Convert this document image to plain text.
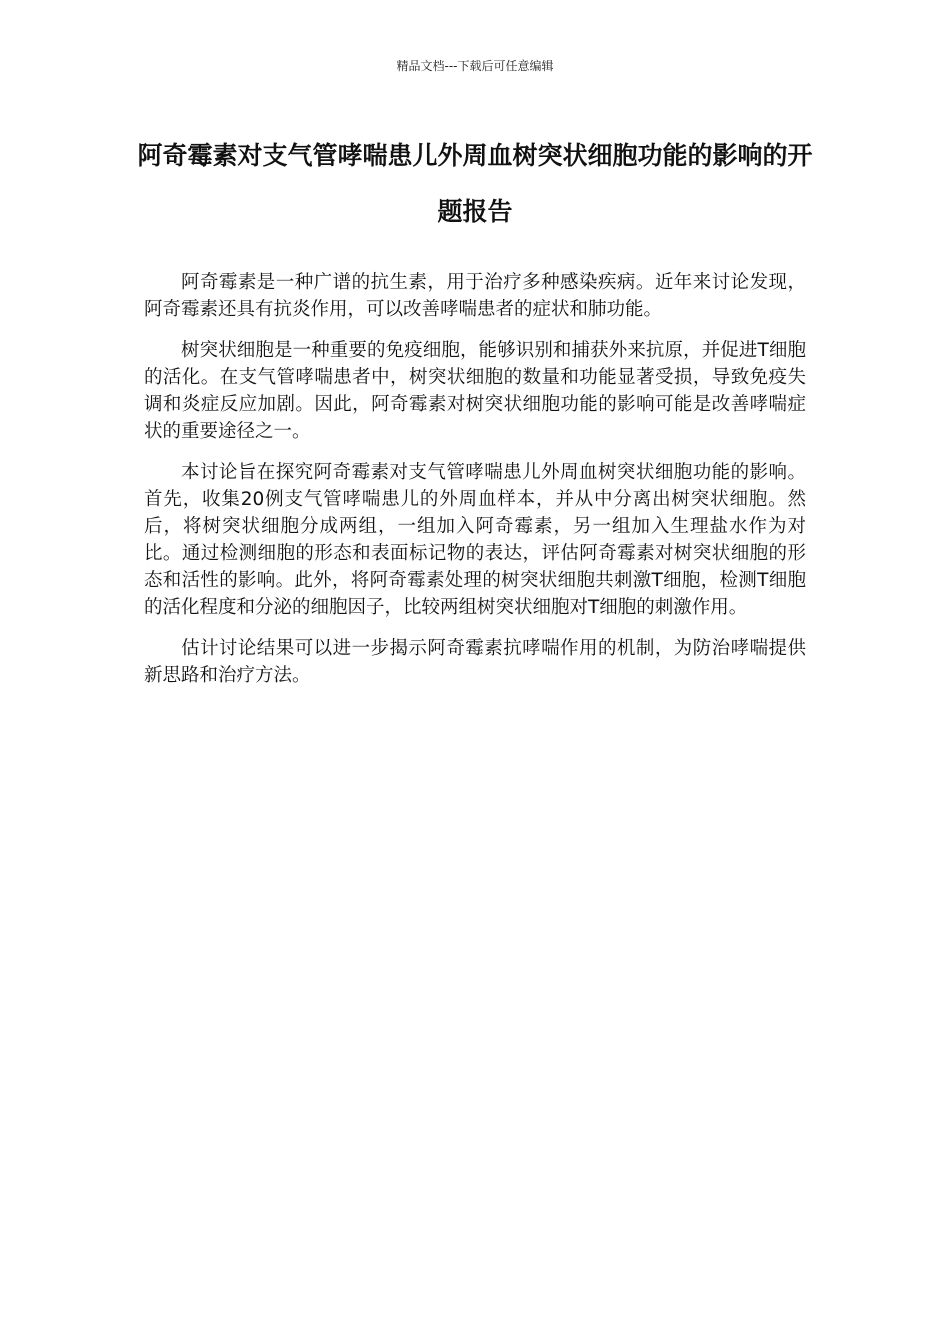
精品文档---下载后可任意编辑
阿奇霉素对支气管哮喘患儿外周血树突状细胞功能的影响的开题报告

阿奇霉素是一种广谱的抗生素，用于治疗多种感染疾病。近年来讨论发现，阿奇霉素还具有抗炎作用，可以改善哮喘患者的症状和肺功能。

树突状细胞是一种重要的免疫细胞，能够识别和捕获外来抗原，并促进T细胞的活化。在支气管哮喘患者中，树突状细胞的数量和功能显著受损，导致免疫失调和炎症反应加剧。因此，阿奇霉素对树突状细胞功能的影响可能是改善哮喘症状的重要途径之一。

本讨论旨在探究阿奇霉素对支气管哮喘患儿外周血树突状细胞功能的影响。首先，收集20例支气管哮喘患儿的外周血样本，并从中分离出树突状细胞。然后，将树突状细胞分成两组，一组加入阿奇霉素，另一组加入生理盐水作为对比。通过检测细胞的形态和表面标记物的表达，评估阿奇霉素对树突状细胞的形态和活性的影响。此外，将阿奇霉素处理的树突状细胞共刺激T细胞，检测T细胞的活化程度和分泌的细胞因子，比较两组树突状细胞对T细胞的刺激作用。

估计讨论结果可以进一步揭示阿奇霉素抗哮喘作用的机制，为防治哮喘提供新思路和治疗方法。
